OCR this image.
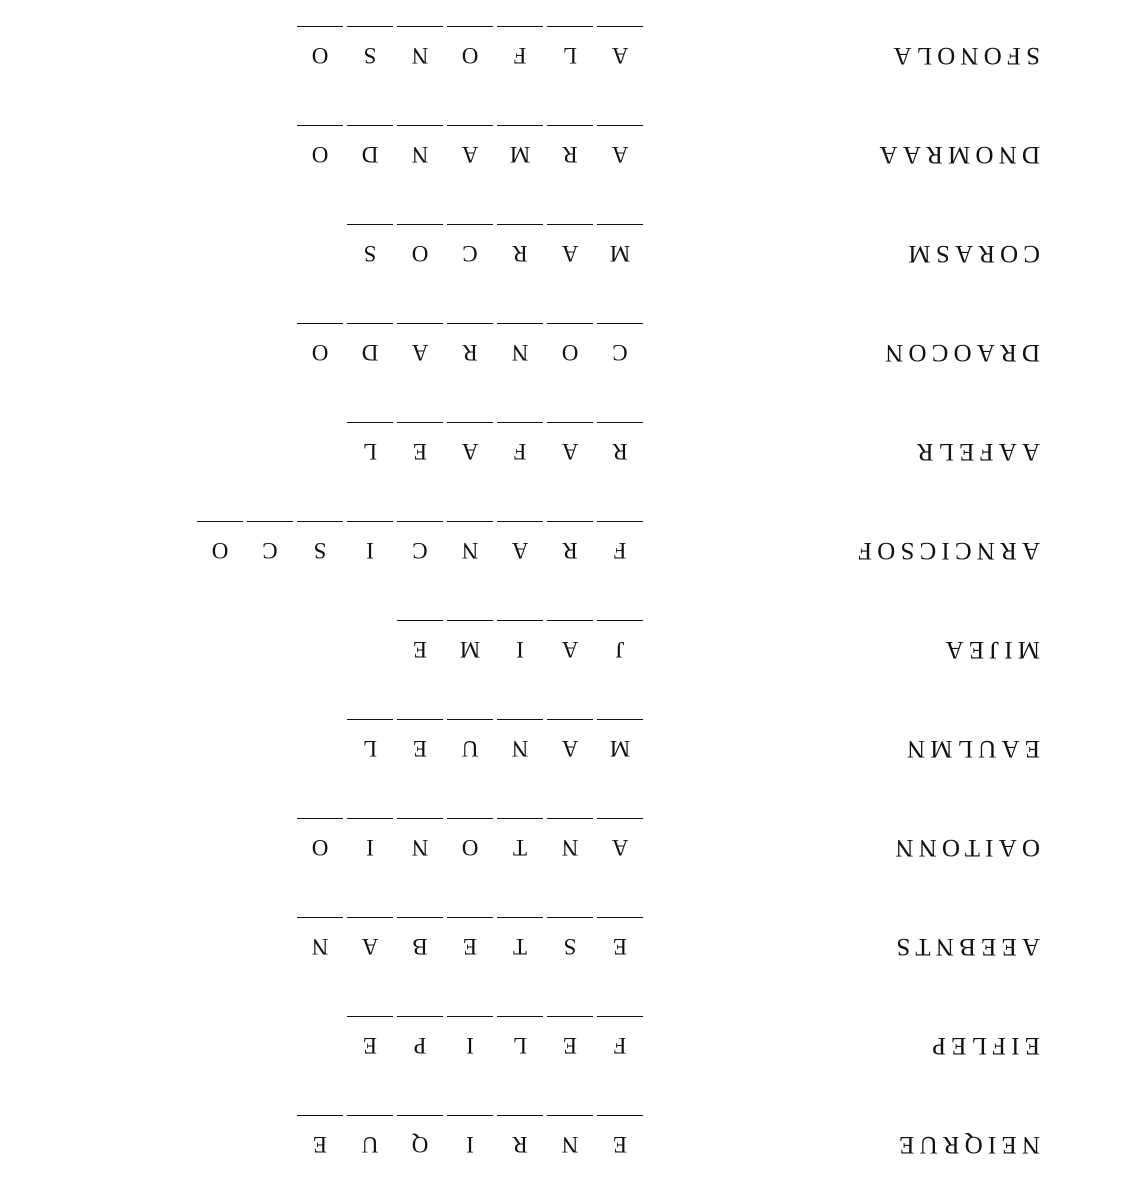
NEIQRUE
E
N
R
I
Q
U
E
EIFLEP
F
E
L
I
P
E
AEEBNTS
E
S
T
E
B
A
N
OAITONN
A
N
T
O
N
I
O
EAULMN
M
A
N
U
E
L
MIJEA
J
A
I
M
E
ARNCICSOF
F
R
A
N
C
I
S
C
O
AAFELR
R
A
F
A
E
L
DRAOCON
C
O
N
R
A
D
O
CORASM
M
A
R
C
O
S
DNOMRAA
A
R
M
A
N
D
O
SFONOLA
A
L
F
O
N
S
O
